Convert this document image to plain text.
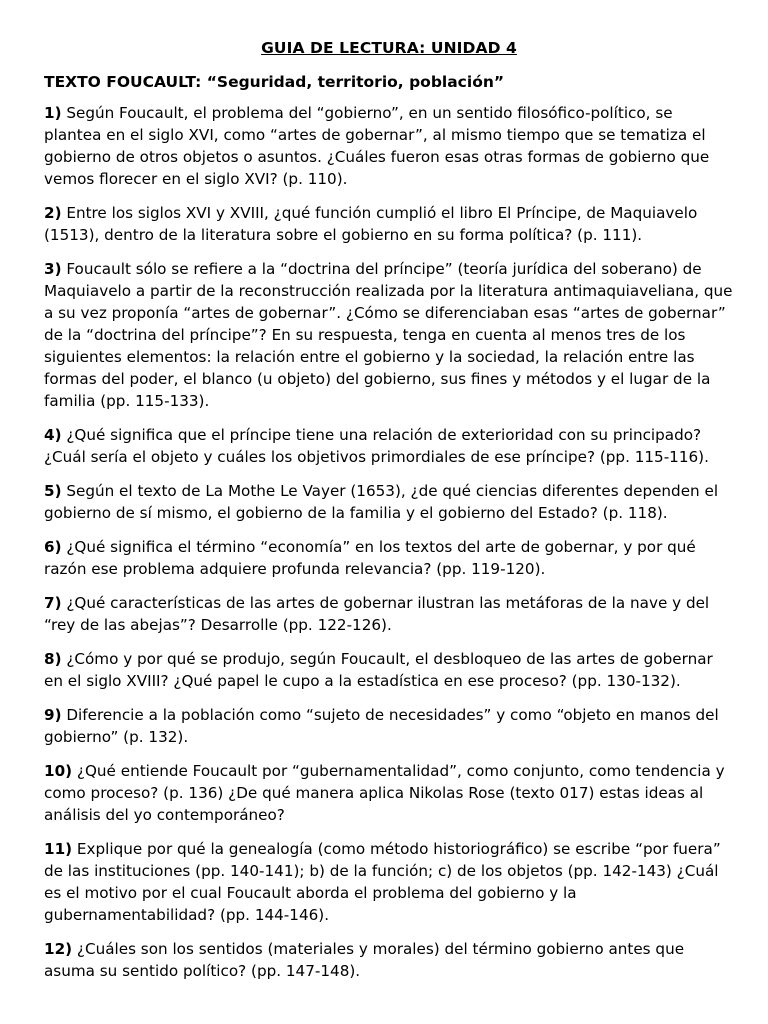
GUIA DE LECTURA: UNIDAD 4
TEXTO FOUCAULT: “Seguridad, territorio, población”

1) Según Foucault, el problema del “gobierno”, en un sentido filosófico-político, se plantea en el siglo XVI, como “artes de gobernar”, al mismo tiempo que se tematiza el gobierno de otros objetos o asuntos. ¿Cuáles fueron esas otras formas de gobierno que vemos florecer en el siglo XVI? (p. 110).

2) Entre los siglos XVI y XVIII, ¿qué función cumplió el libro El Príncipe, de Maquiavelo (1513), dentro de la literatura sobre el gobierno en su forma política? (p. 111).

3) Foucault sólo se refiere a la “doctrina del príncipe” (teoría jurídica del soberano) de Maquiavelo a partir de la reconstrucción realizada por la literatura antimaquiaveliana, que a su vez proponía “artes de gobernar”. ¿Cómo se diferenciaban esas “artes de gobernar” de la “doctrina del príncipe”? En su respuesta, tenga en cuenta al menos tres de los siguientes elementos: la relación entre el gobierno y la sociedad, la relación entre las formas del poder, el blanco (u objeto) del gobierno, sus fines y métodos y el lugar de la familia (pp. 115-133).

4) ¿Qué significa que el príncipe tiene una relación de exterioridad con su principado? ¿Cuál sería el objeto y cuáles los objetivos primordiales de ese príncipe? (pp. 115-116).

5) Según el texto de La Mothe Le Vayer (1653), ¿de qué ciencias diferentes dependen el gobierno de sí mismo, el gobierno de la familia y el gobierno del Estado? (p. 118).

6) ¿Qué significa el término “economía” en los textos del arte de gobernar, y por qué razón ese problema adquiere profunda relevancia? (pp. 119-120).

7) ¿Qué características de las artes de gobernar ilustran las metáforas de la nave y del “rey de las abejas”? Desarrolle (pp. 122-126).

8) ¿Cómo y por qué se produjo, según Foucault, el desbloqueo de las artes de gobernar en el siglo XVIII? ¿Qué papel le cupo a la estadística en ese proceso? (pp. 130-132).

9) Diferencie a la población como “sujeto de necesidades” y como “objeto en manos del gobierno” (p. 132).

10) ¿Qué entiende Foucault por “gubernamentalidad”, como conjunto, como tendencia y como proceso? (p. 136) ¿De qué manera aplica Nikolas Rose (texto 017) estas ideas al análisis del yo contemporáneo?

11) Explique por qué la genealogía (como método historiográfico) se escribe “por fuera” de las instituciones (pp. 140-141); b) de la función; c) de los objetos (pp. 142-143) ¿Cuál es el motivo por el cual Foucault aborda el problema del gobierno y la gubernamentabilidad? (pp. 144-146).

12) ¿Cuáles son los sentidos (materiales y morales) del término gobierno antes que asuma su sentido político? (pp. 147-148).
